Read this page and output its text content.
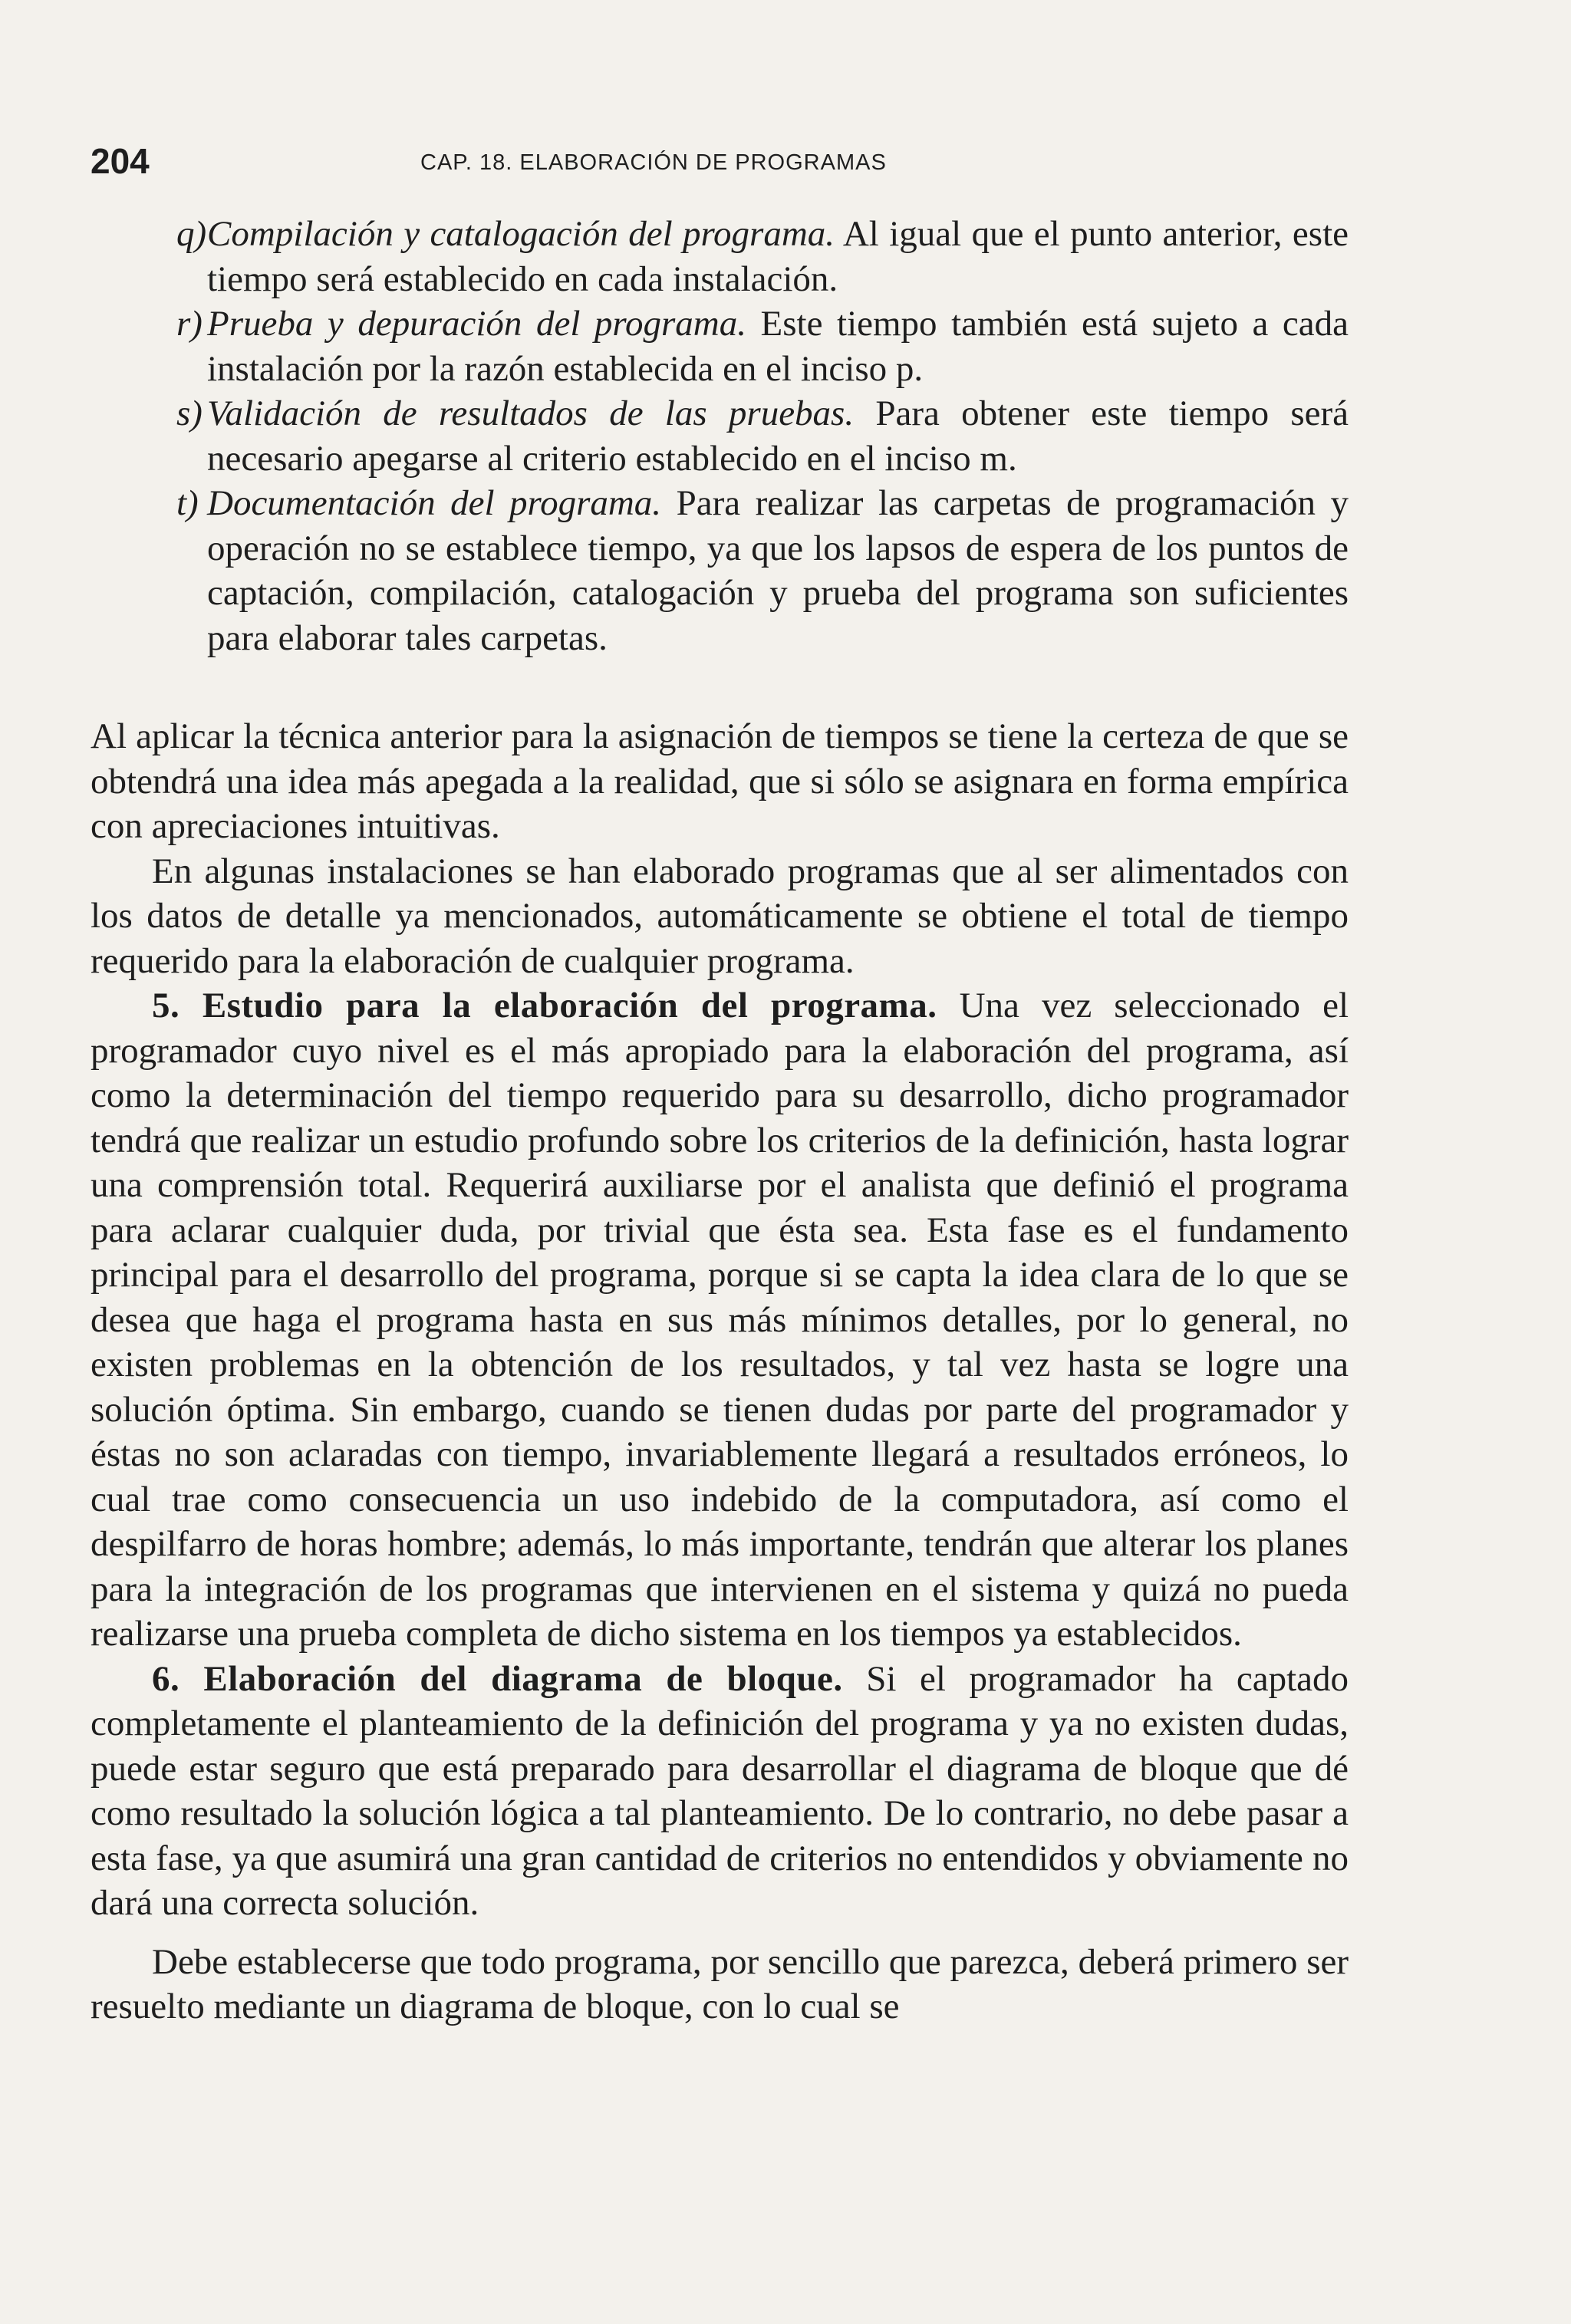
204	CAP. 18. ELABORACIÓN DE PROGRAMAS
q) Compilación y catalogación del programa. Al igual que el punto anterior, este tiempo será establecido en cada instalación.
r) Prueba y depuración del programa. Este tiempo también está sujeto a cada instalación por la razón establecida en el inciso p.
s) Validación de resultados de las pruebas. Para obtener este tiempo será necesario apegarse al criterio establecido en el inciso m.
t) Documentación del programa. Para realizar las carpetas de programación y operación no se establece tiempo, ya que los lapsos de espera de los puntos de captación, compilación, catalogación y prueba del programa son suficientes para elaborar tales carpetas.

Al aplicar la técnica anterior para la asignación de tiempos se tiene la certeza de que se obtendrá una idea más apegada a la realidad, que si sólo se asignara en forma empírica con apreciaciones intuitivas.

En algunas instalaciones se han elaborado programas que al ser alimentados con los datos de detalle ya mencionados, automáticamente se obtiene el total de tiempo requerido para la elaboración de cualquier programa.

5. Estudio para la elaboración del programa. Una vez seleccionado el programador cuyo nivel es el más apropiado para la elaboración del programa, así como la determinación del tiempo requerido para su desarrollo, dicho programador tendrá que realizar un estudio profundo sobre los criterios de la definición, hasta lograr una comprensión total. Requerirá auxiliarse por el analista que definió el programa para aclarar cualquier duda, por trivial que ésta sea. Esta fase es el fundamento principal para el desarrollo del programa, porque si se capta la idea clara de lo que se desea que haga el programa hasta en sus más mínimos detalles, por lo general, no existen problemas en la obtención de los resultados, y tal vez hasta se logre una solución óptima. Sin embargo, cuando se tienen dudas por parte del programador y éstas no son aclaradas con tiempo, invariablemente llegará a resultados erróneos, lo cual trae como consecuencia un uso indebido de la computadora, así como el despilfarro de horas hombre; además, lo más importante, tendrán que alterar los planes para la integración de los programas que intervienen en el sistema y quizá no pueda realizarse una prueba completa de dicho sistema en los tiempos ya establecidos.

6. Elaboración del diagrama de bloque. Si el programador ha captado completamente el planteamiento de la definición del programa y ya no existen dudas, puede estar seguro que está preparado para desarrollar el diagrama de bloque que dé como resultado la solución lógica a tal planteamiento. De lo contrario, no debe pasar a esta fase, ya que asumirá una gran cantidad de criterios no entendidos y obviamente no dará una correcta solución.

Debe establecerse que todo programa, por sencillo que parezca, deberá primero ser resuelto mediante un diagrama de bloque, con lo cual se
